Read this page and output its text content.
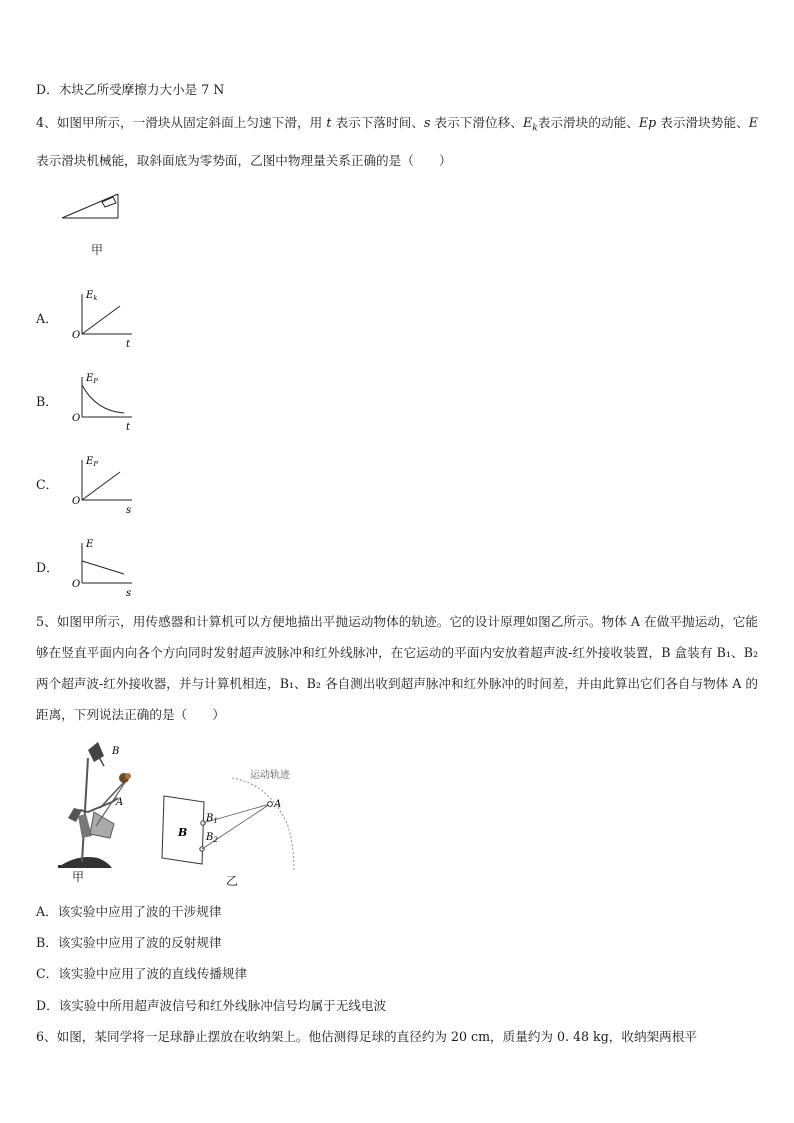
D．木块乙所受摩擦力大小是 7 N
4、如图甲所示，一滑块从固定斜面上匀速下滑，用 t 表示下落时间、s 表示下滑位移、$E_k$表示滑块的动能、Ep 表示滑块势能、E 表示滑块机械能，取斜面底为零势面，乙图中物理量关系正确的是（　　）
甲
A．
$E_k$
O
t
B．
$E_P$
O
t
C．
$E_P$
O
s
D．
E
O
s
5、如图甲所示，用传感器和计算机可以方便地描出平抛运动物体的轨迹。它的设计原理如图乙所示。物体 A 在做平抛运动，它能够在竖直平面内向各个方向同时发射超声波脉冲和红外线脉冲，在它运动的平面内安放着超声波-红外接收装置，B 盒装有 B₁、B₂ 两个超声波-红外接收器，并与计算机相连，B₁、B₂ 各自测出收到超声脉冲和红外脉冲的时间差，并由此算出它们各自与物体 A 的距离，下列说法正确的是（　　）
B
A
甲
运动轨迹
B
A
$B_1$
$B_2$
乙
A．该实验中应用了波的干涉规律
B．该实验中应用了波的反射规律
C．该实验中应用了波的直线传播规律
D．该实验中所用超声波信号和红外线脉冲信号均属于无线电波
6、如图，某同学将一足球静止摆放在收纳架上。他估测得足球的直径约为 20 cm，质量约为 0. 48 kg，收纳架两根平
